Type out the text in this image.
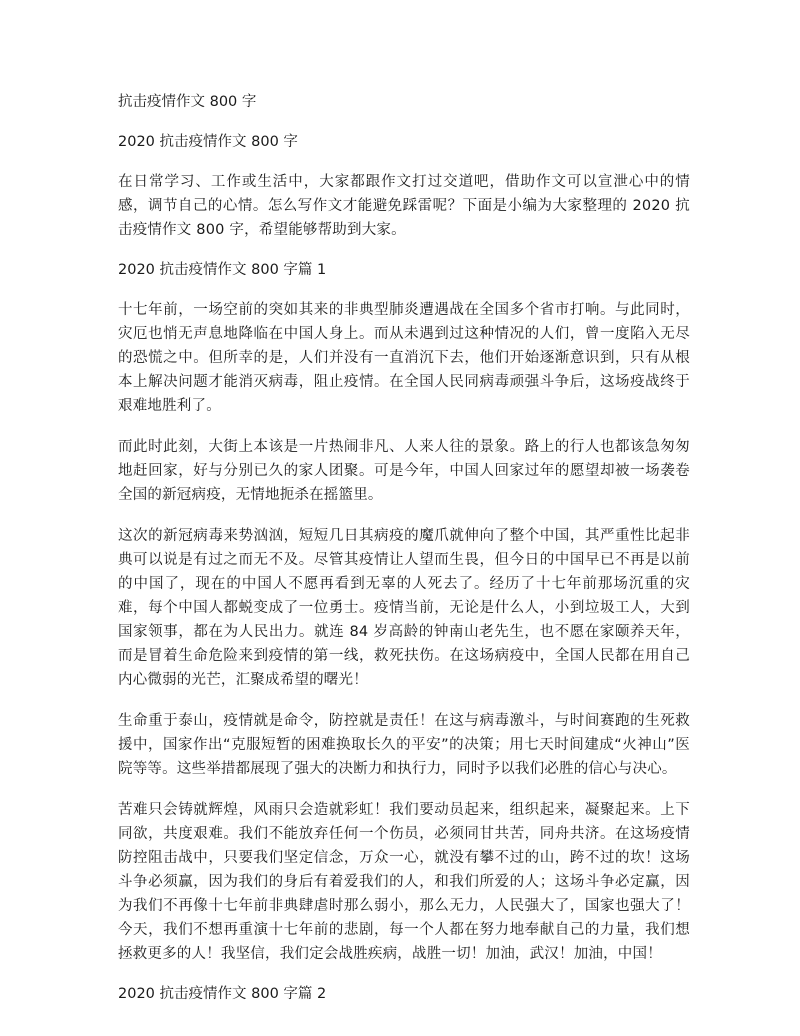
抗击疫情作文 800 字
2020 抗击疫情作文 800 字

在日常学习、工作或生活中，大家都跟作文打过交道吧，借助作文可以宣泄心中的情感，调节自己的心情。怎么写作文才能避免踩雷呢？下面是小编为大家整理的 2020 抗击疫情作文 800 字，希望能够帮助到大家。

2020 抗击疫情作文 800 字篇 1

十七年前，一场空前的突如其来的非典型肺炎遭遇战在全国多个省市打响。与此同时，灾厄也悄无声息地降临在中国人身上。而从未遇到过这种情况的人们，曾一度陷入无尽的恐慌之中。但所幸的是，人们并没有一直消沉下去，他们开始逐渐意识到，只有从根本上解决问题才能消灭病毒，阻止疫情。在全国人民同病毒顽强斗争后，这场疫战终于艰难地胜利了。

而此时此刻，大街上本该是一片热闹非凡、人来人往的景象。路上的行人也都该急匆匆地赶回家，好与分别已久的家人团聚。可是今年，中国人回家过年的愿望却被一场袭卷全国的新冠病疫，无情地扼杀在摇篮里。

这次的新冠病毒来势汹汹，短短几日其病疫的魔爪就伸向了整个中国，其严重性比起非典可以说是有过之而无不及。尽管其疫情让人望而生畏，但今日的中国早已不再是以前的中国了，现在的中国人不愿再看到无辜的人死去了。经历了十七年前那场沉重的灾难，每个中国人都蜕变成了一位勇士。疫情当前，无论是什么人，小到垃圾工人，大到国家领事，都在为人民出力。就连 84 岁高龄的钟南山老先生，也不愿在家颐养天年，而是冒着生命危险来到疫情的第一线，救死扶伤。在这场病疫中，全国人民都在用自己内心微弱的光芒，汇聚成希望的曙光！

生命重于泰山，疫情就是命令，防控就是责任！在这与病毒激斗，与时间赛跑的生死救援中，国家作出“克服短暂的困难换取长久的平安”的决策；用七天时间建成“火神山”医院等等。这些举措都展现了强大的决断力和执行力，同时予以我们必胜的信心与决心。

苦难只会铸就辉煌，风雨只会造就彩虹！我们要动员起来，组织起来，凝聚起来。上下同欲，共度艰难。我们不能放弃任何一个伤员，必须同甘共苦，同舟共济。在这场疫情防控阻击战中，只要我们坚定信念，万众一心，就没有攀不过的山，跨不过的坎！这场斗争必须赢，因为我们的身后有着爱我们的人，和我们所爱的人；这场斗争必定赢，因为我们不再像十七年前非典肆虐时那么弱小，那么无力，人民强大了，国家也强大了！今天，我们不想再重演十七年前的悲剧，每一个人都在努力地奉献自己的力量，我们想拯救更多的人！我坚信，我们定会战胜疾病，战胜一切！加油，武汉！加油，中国！

2020 抗击疫情作文 800 字篇 2
